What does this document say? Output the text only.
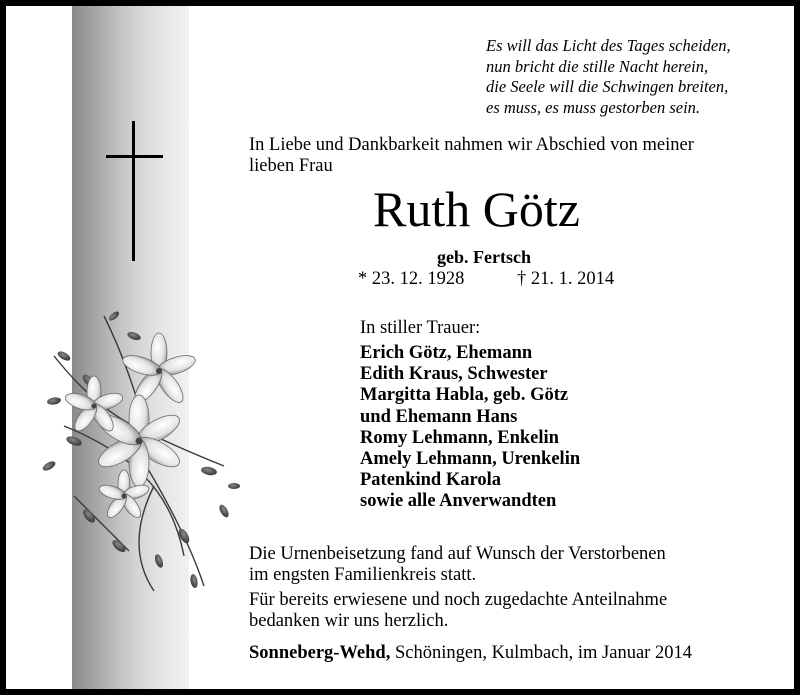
Es will das Licht des Tages scheiden,
nun bricht die stille Nacht herein,
die Seele will die Schwingen breiten,
es muss, es muss gestorben sein.
In Liebe und Dankbarkeit nahmen wir Abschied von meiner
lieben Frau
Ruth Götz
geb. Fertsch
* 23. 12. 1928	† 21. 1. 2014
In stiller Trauer:
Erich Götz, Ehemann
Edith Kraus, Schwester
Margitta Habla, geb. Götz
und Ehemann Hans
Romy Lehmann, Enkelin
Amely Lehmann, Urenkelin
Patenkind Karola
sowie alle Anverwandten
Die Urnenbeisetzung fand auf Wunsch der Verstorbenen
im engsten Familienkreis statt.
Für bereits erwiesene und noch zugedachte Anteilnahme
bedanken wir uns herzlich.
Sonneberg-Wehd, Schöningen, Kulmbach, im Januar 2014
